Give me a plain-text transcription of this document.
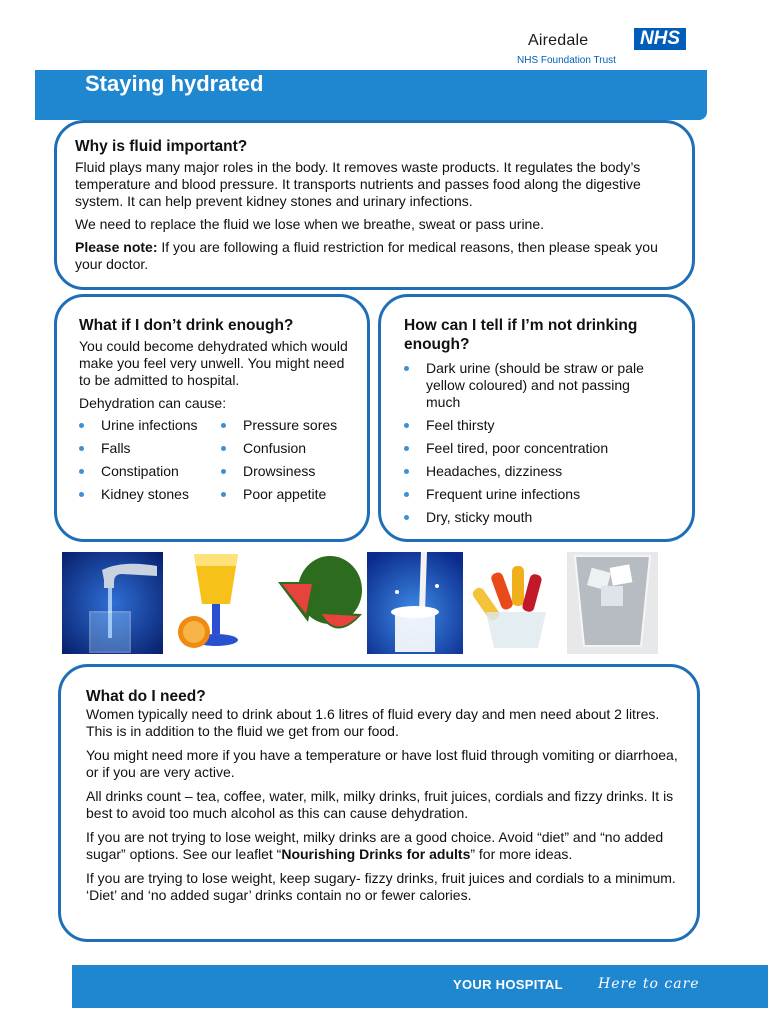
Airedale	NHS
NHS Foundation Trust
Staying hydrated
Why is fluid important?

Fluid plays many major roles in the body. It removes waste products. It regulates the body’s temperature and blood pressure. It transports nutrients and passes food along the digestive system. It can help prevent kidney stones and urinary infections.

We need to replace the fluid we lose when we breathe, sweat or pass urine.

Please note: If you are following a fluid restriction for medical reasons, then please speak you your doctor.

What if I don’t drink enough?

You could become dehydrated which would make you feel very unwell. You might need to be admitted to hospital.

Dehydration can cause:

Urine infections
Falls
Constipation
Kidney stones
Pressure sores
Confusion
Drowsiness
Poor appetite
How can I tell if I’m not drinking enough?
Dark urine (should be straw or pale yellow coloured) and not passing much
Feel thirsty
Feel tired, poor concentration
Headaches, dizziness
Frequent urine infections
Dry, sticky mouth
What do I need?

Women typically need to drink about 1.6 litres of fluid every day and men need about 2 litres. This is in addition to the fluid we get from our food.

You might need more if you have a temperature or have lost fluid through vomiting or diarrhoea, or if you are very active.

All drinks count – tea, coffee, water, milk, milky drinks, fruit juices, cordials and fizzy drinks. It is best to avoid too much alcohol as this can cause dehydration.

If you are not trying to lose weight, milky drinks are a good choice. Avoid “diet” and “no added sugar” options. See our leaflet “Nourishing Drinks for adults” for more ideas.

If you are trying to lose weight, keep sugary- fizzy drinks, fruit juices and cordials to a minimum. ‘Diet’ and ‘no added sugar’ drinks contain no or fewer calories.

YOUR HOSPITAL	Here to care
